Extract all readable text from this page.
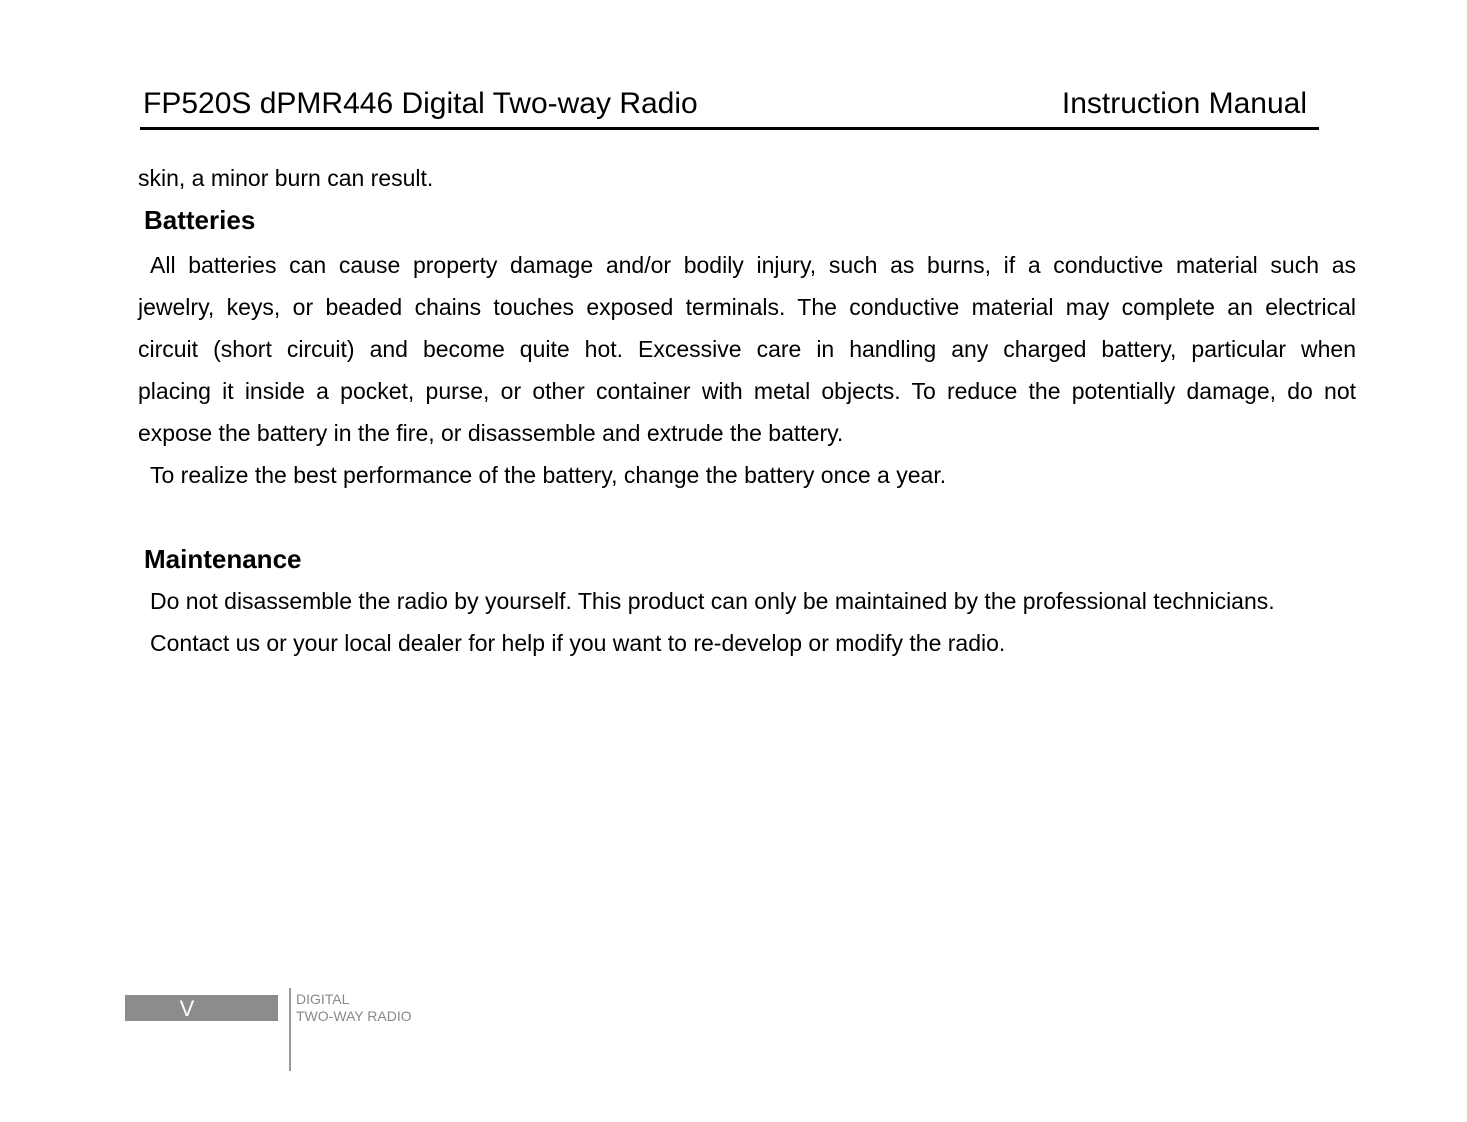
FP520S dPMR446 Digital Two-way Radio	Instruction Manual

skin, a minor burn can result.

Batteries

All batteries can cause property damage and/or bodily injury, such as burns, if a conductive material such as

jewelry, keys, or beaded chains touches exposed terminals. The conductive material may complete an electrical

circuit (short circuit) and become quite hot. Excessive care in handling any charged battery, particular when

placing it inside a pocket, purse, or other container with metal objects. To reduce the potentially damage, do not

expose the battery in the fire, or disassemble and extrude the battery.

To realize the best performance of the battery, change the battery once a year.

Maintenance

Do not disassemble the radio by yourself. This product can only be maintained by the professional technicians.

Contact us or your local dealer for help if you want to re-develop or modify the radio.

V	DIGITAL
TWO-WAY RADIO
